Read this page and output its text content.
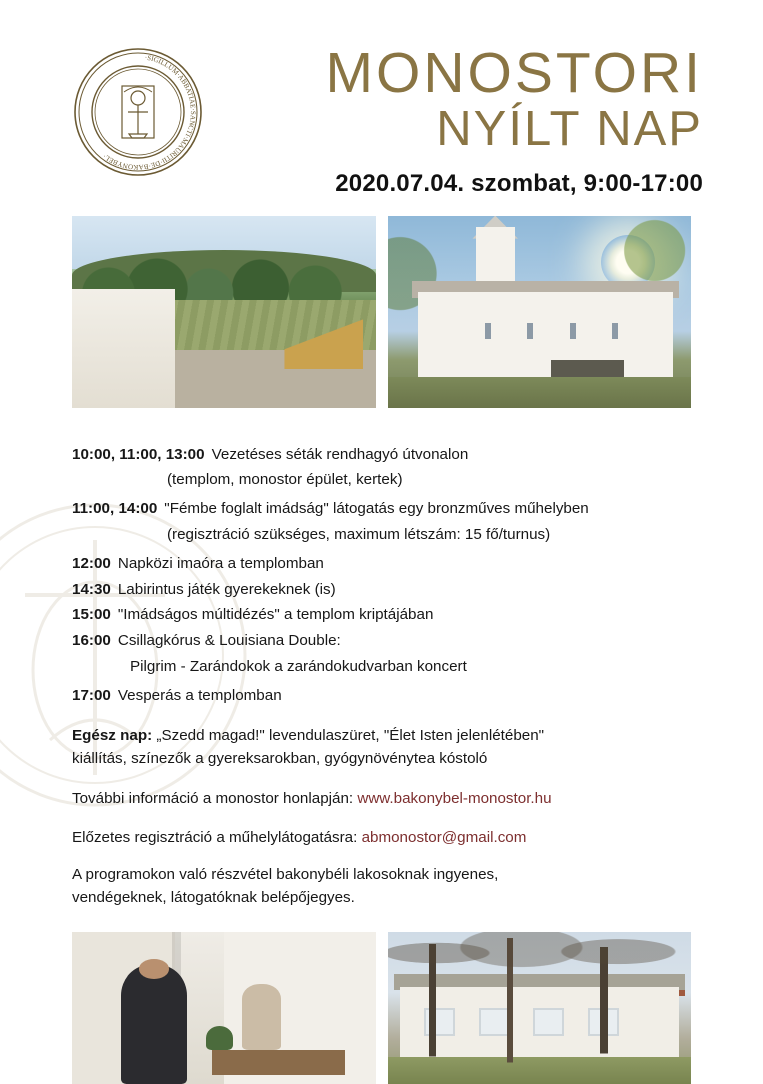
·SIGILLUM·ABBATIAE·SANCTI·MAURITII·DE·BAKONYBEL·
MONOSTORI
NYÍLT NAP
2020.07.04. szombat, 9:00-17:00
10:00, 11:00, 13:00 Vezetéses séták rendhagyó útvonalon
(templom, monostor épület, kertek)
11:00, 14:00 "Fémbe foglalt imádság" látogatás egy bronzműves műhelyben
(regisztráció szükséges, maximum létszám: 15 fő/turnus)
12:00 Napközi imaóra a templomban
14:30 Labirintus játék gyerekeknek (is)
15:00 "Imádságos múltidézés" a templom kriptájában
16:00 Csillagkórus & Louisiana Double:
Pilgrim - Zarándokok a zarándokudvarban koncert
17:00 Vesperás a templomban
Egész nap: „Szedd magad!" levendulaszüret, "Élet Isten jelenlétében"
kiállítás, színezők a gyereksarokban, gyógynövénytea kóstoló
További információ a monostor honlapján: www.bakonybel-monostor.hu
Előzetes regisztráció a műhelylátogatásra: abmonostor@gmail.com
A programokon való részvétel bakonybéli lakosoknak ingyenes,
vendégeknek, látogatóknak belépőjegyes.
